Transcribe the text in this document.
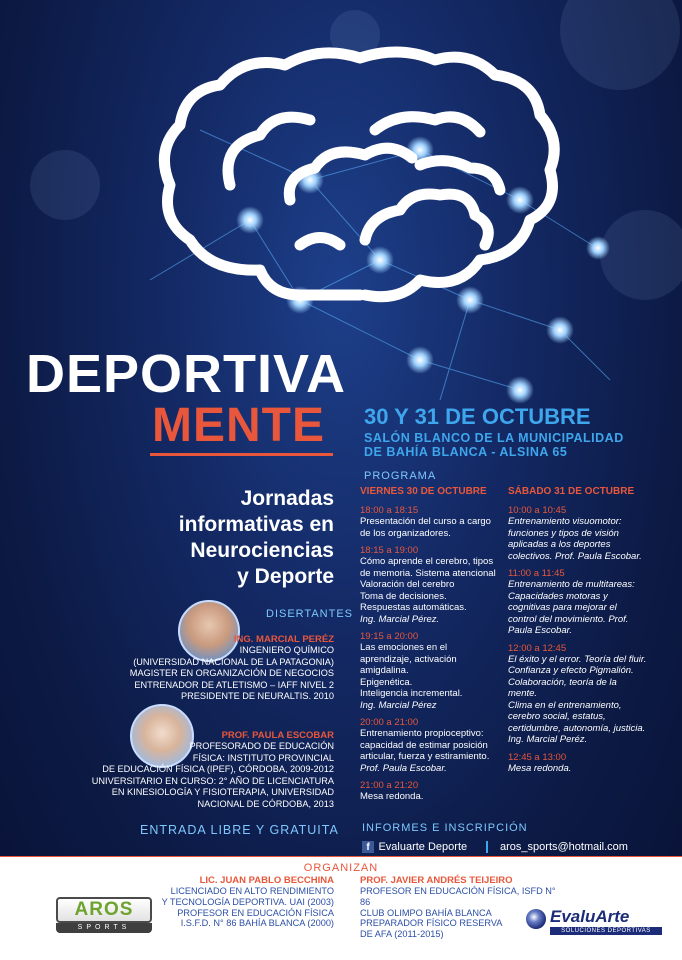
DEPORTIVA
MENTE
Jornadas
informativas en
Neurociencias
y Deporte
30 Y 31 DE OCTUBRE
SALÓN BLANCO DE LA MUNICIPALIDAD
DE BAHÍA BLANCA - ALSINA 65
DISERTANTES
ING. MARCIAL PERÉZ
INGENIERO QUÍMICO
(UNIVERSIDAD NACIONAL DE LA PATAGONIA)
MAGISTER EN ORGANIZACIÓN DE NEGOCIOS
ENTRENADOR DE ATLETISMO – IAFF NIVEL 2
PRESIDENTE DE NEURALTIS. 2010
PROF. PAULA ESCOBAR
PROFESORADO DE EDUCACIÓN
FÍSICA: INSTITUTO PROVINCIAL
DE EDUCACIÓN FÍSICA (IPEF), CÓRDOBA, 2009-2012
UNIVERSITARIO EN CURSO: 2° AÑO DE LICENCIATURA
EN KINESIOLOGÍA Y FISIOTERAPIA, UNIVERSIDAD
NACIONAL DE CÓRDOBA, 2013
ENTRADA LIBRE Y GRATUITA
PROGRAMA
VIERNES 30 DE OCTUBRE
18:00 a 18:15
Presentación del curso a cargo
de los organizadores.
18:15 a 19:00
Cómo aprende el cerebro, tipos
de memoria. Sistema atencional
Valoración del cerebro
Toma de decisiones.
Respuestas automáticas.
Ing. Marcial Pérez.
19:15 a 20:00
Las emociones en el
aprendizaje, activación
amigdalina.
Epigenética.
Inteligencia incremental.
Ing. Marcial Pérez
20:00 a 21:00
Entrenamiento propioceptivo:
capacidad de estimar posición
articular, fuerza y estiramiento.
Prof. Paula Escobar.
21:00 a 21:20
Mesa redonda.
SÁBADO 31 DE OCTUBRE
10:00 a 10:45
Entrenamiento visuomotor:
funciones y tipos de visión
aplicadas a los deportes
colectivos. Prof. Paula Escobar.
11:00 a 11:45
Entrenamiento de multitareas:
Capacidades motoras y
cognitivas para mejorar el
control del movimiento. Prof.
Paula Escobar.
12:00 a 12:45
El éxito y el error. Teoría del fluir.
Confianza y efecto Pigmalión.
Colaboración, teoría de la
mente.
Clima en el entrenamiento,
cerebro social, estatus,
certidumbre, autonomía, justicia.
Ing. Marcial Peréz.
12:45 a 13:00
Mesa redonda.
INFORMES E INSCRIPCIÓN
f Evaluarte Deporte	aros_sports@hotmail.com
ORGANIZAN
LIC. JUAN PABLO BECCHINA
LICENCIADO EN ALTO RENDIMIENTO
Y TECNOLOGÍA DEPORTIVA. UAI (2003)
PROFESOR EN EDUCACIÓN FÍSICA
I.S.F.D. N° 86 BAHÍA BLANCA (2000)
PROF. JAVIER ANDRÉS TEIJEIRO
PROFESOR EN EDUCACIÓN FÍSICA, ISFD N° 86
CLUB OLIMPO BAHÍA BLANCA
PREPARADOR FÍSICO RESERVA
DE AFA (2011-2015)
AROS
SPORTS
EvaluArte
SOLUCIONES DEPORTIVAS
